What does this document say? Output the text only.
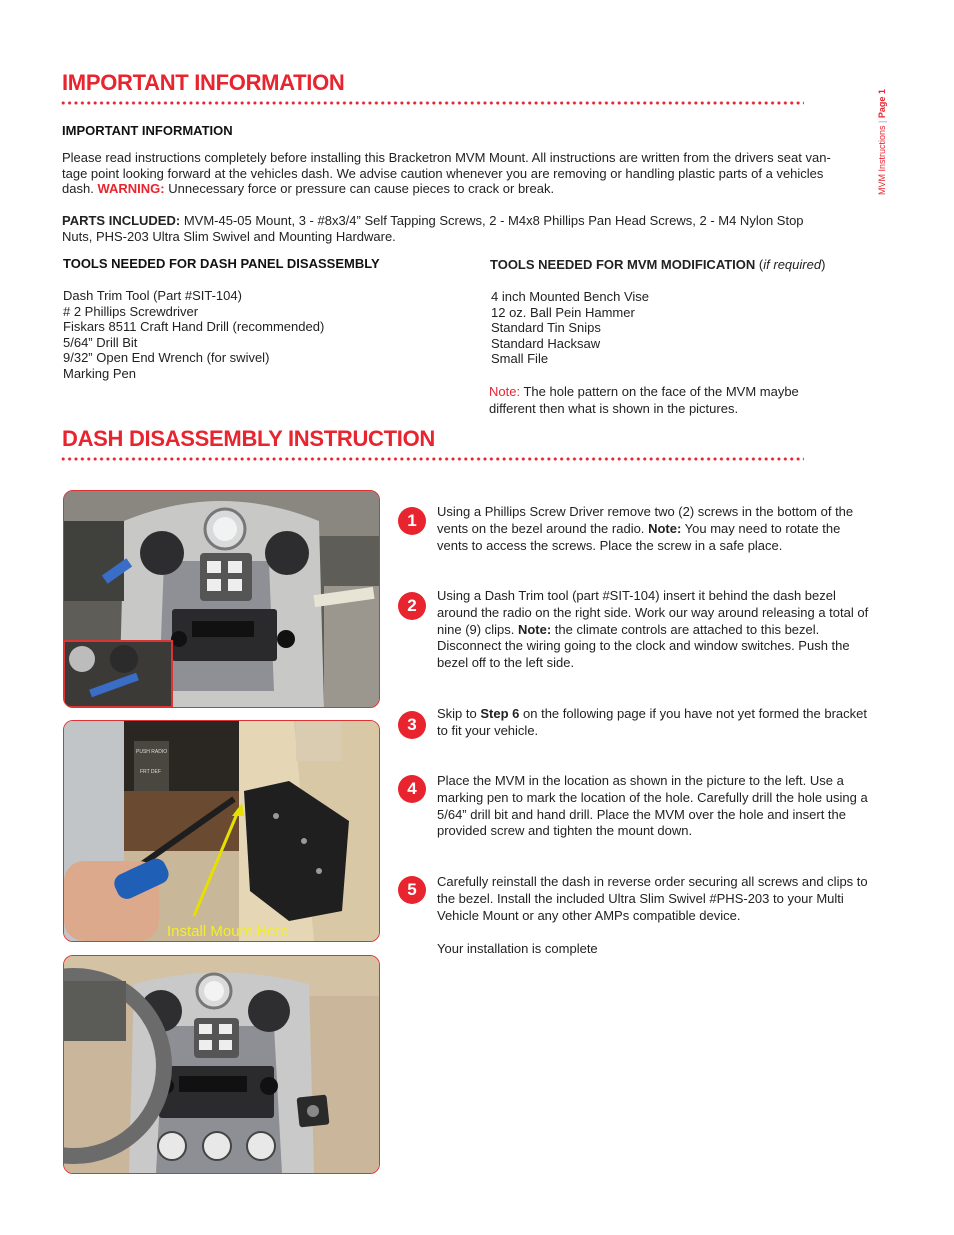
MVM Instructions | Page 1
IMPORTANT INFORMATION
IMPORTANT INFORMATION

Please read instructions completely before installing this Bracketron MVM Mount. All instructions are written from the drivers seat van-

tage point looking forward at the vehicles dash. We advise caution whenever you are removing or handling plastic parts of a vehicles

dash. WARNING: Unnecessary force or pressure can cause pieces to crack or break.

PARTS INCLUDED: MVM-45-05 Mount, 3 - #8x3/4” Self Tapping Screws, 2 - M4x8 Phillips Pan Head Screws, 2 - M4 Nylon Stop

Nuts, PHS-203 Ultra Slim Swivel and Mounting Hardware.

TOOLS NEEDED FOR DASH PANEL DISASSEMBLY
Dash Trim Tool (Part #SIT-104)
# 2 Phillips Screwdriver
Fiskars 8511 Craft Hand Drill (recommended)
5/64” Drill Bit
9/32” Open End Wrench (for swivel)
Marking Pen
TOOLS NEEDED FOR MVM MODIFICATION (if required)
4 inch Mounted Bench Vise
12 oz. Ball Pein Hammer
Standard Tin Snips
Standard Hacksaw
Small File
Note: The hole pattern on the face of the MVM maybe
different then what is shown in the pictures.
DASH DISASSEMBLY INSTRUCTION
PUSH RADIO
FRT DEF
Install Mount Here
1	Using a Phillips Screw Driver remove two (2) screws in the bottom of the vents on the bezel around the radio. Note: You may need to rotate the vents to access the screws. Place the screw in a safe place.
2
Using a Dash Trim tool (part #SIT-104) insert it behind the dash bezel around the radio on the right side. Work our way around releasing a total of nine (9) clips. Note: the climate controls are attached to this bezel. Disconnect the wiring going to the clock and window switches. Push the bezel off to the left side.
3
Skip to Step 6 on the following page if you have not yet formed the bracket to fit your vehicle.
4	Place the MVM in the location as shown in the picture to the left. Use a marking pen to mark the location of the hole. Carefully drill the hole using a 5/64” drill bit and hand drill. Place the MVM over the hole and insert the provided screw and tighten the mount down.
5	Carefully reinstall the dash in reverse order securing all screws and clips to the bezel. Install the included Ultra Slim Swivel #PHS-203 to your Multi Vehicle Mount or any other AMPs compatible device.
Your installation is complete
